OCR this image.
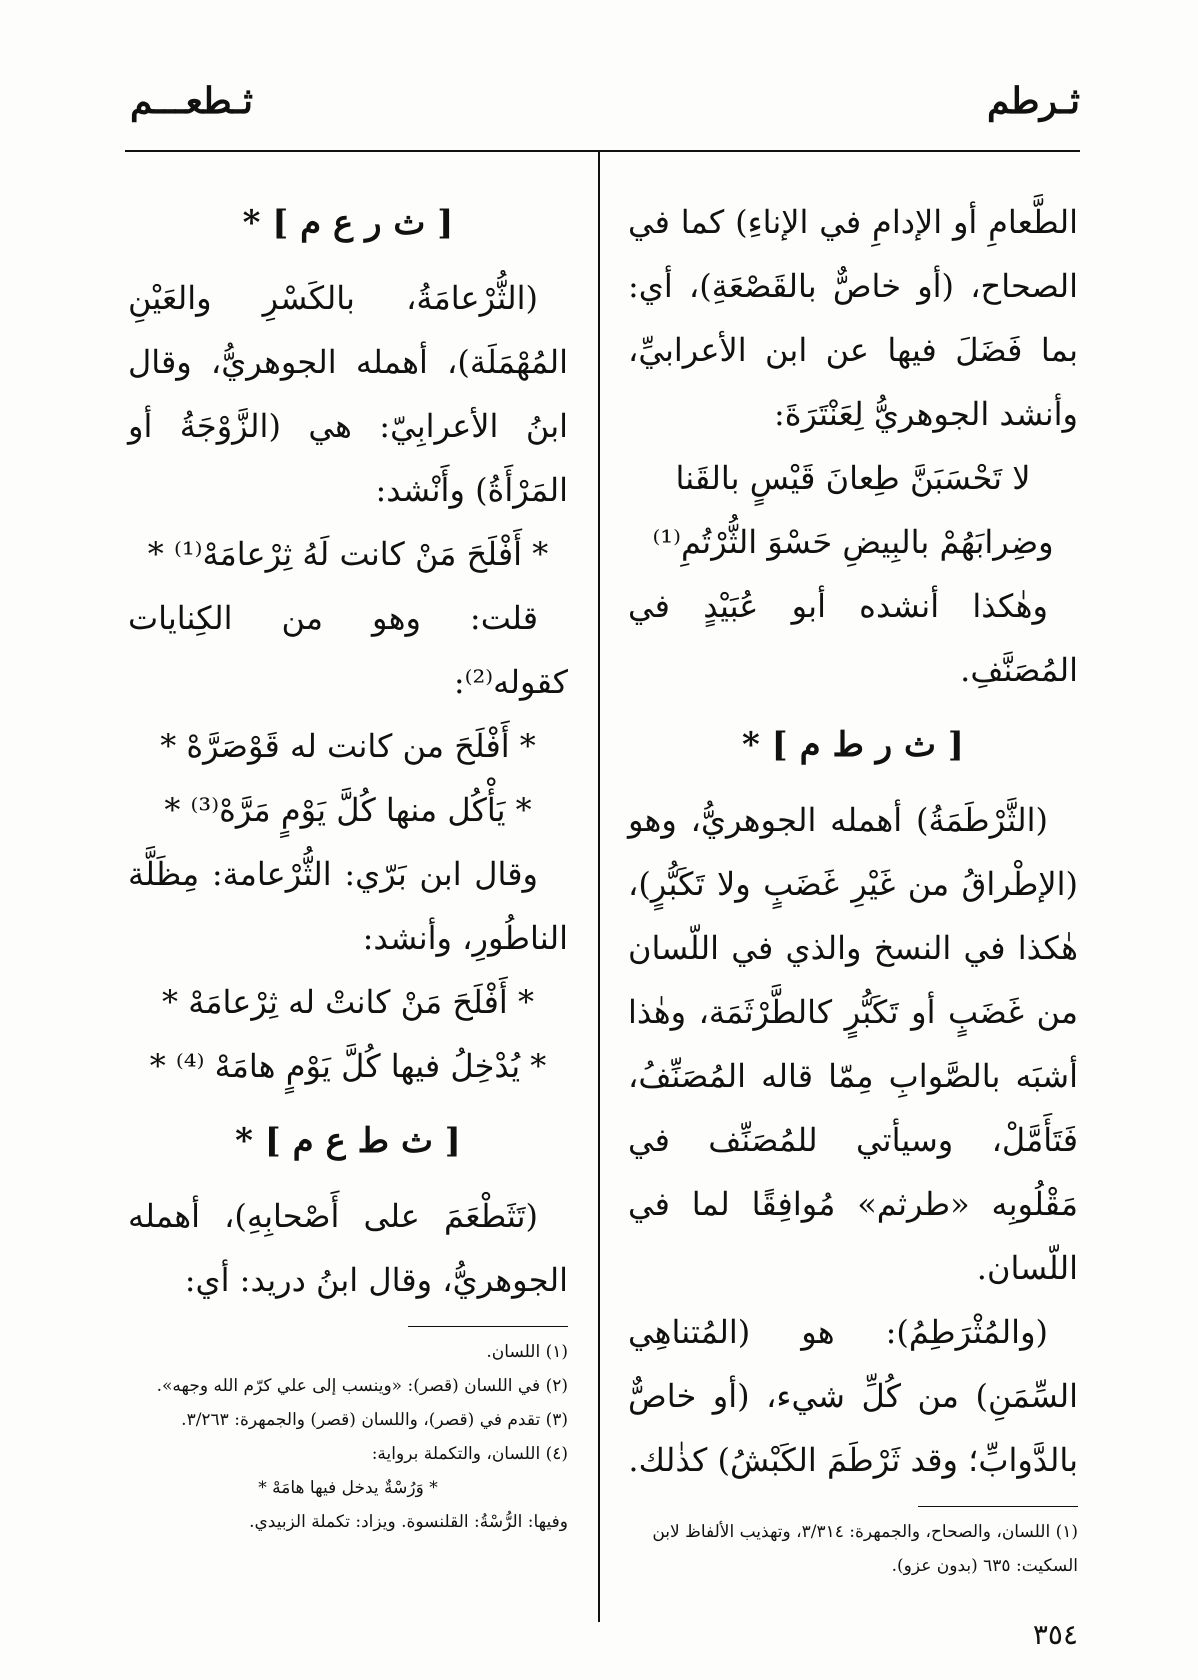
ثـرطم
ثـطعـــم

الطَّعامِ أو الإدامِ في الإناءِ) كما في الصحاح، (أو خاصٌّ بالقَصْعَةِ)، أي: بما فَضَلَ فيها عن ابن الأعرابيِّ، وأنشد الجوهريُّ لِعَنْتَرَةَ:

لا تَحْسَبَنَّ طِعانَ قَيْسٍ بالقَنا

وضِرابَهُمْ بالبِيضِ حَسْوَ الثُّرْتُمِ⁽¹⁾

وهٰكذا أنشده أبو عُبَيْدٍ في المُصَنَّفِ.

[ ث ر ط م ] *

(الثَّرْطَمَةُ) أهمله الجوهريُّ، وهو (الإطْراقُ من غَيْرِ غَضَبٍ ولا تَكَبُّرٍ)، هٰكذا في النسخ والذي في اللّسان من غَضَبٍ أو تَكَبُّرٍ كالطَّرْثَمَة، وهٰذا أشبَه بالصَّوابِ مِمّا قاله المُصَنِّفُ، فَتَأَمَّلْ، وسيأتي للمُصَنِّف في مَقْلُوبِه «طرثم» مُوافِقًا لما في اللّسان.

(والمُثْرَطِمُ): هو (المُتناهِي السِّمَنِ) من كُلِّ شيء، (أو خاصٌّ بالدَّوابِّ؛ وقد ثَرْطَمَ الكَبْشُ) كذٰلك.

(١) اللسان، والصحاح، والجمهرة: ٣/٣١٤، وتهذيب الألفاظ لابن السكيت: ٦٣٥ (بدون عزو).

[ ث ر ع م ] *

(الثُّرْعامَةُ، بالكَسْرِ والعَيْنِ المُهْمَلَة)، أهمله الجوهريُّ، وقال ابنُ الأعرابِيّ: هي (الزَّوْجَةُ أو المَرْأَةُ) وأَنْشد:

* أَفْلَحَ مَنْ كانت لَهُ ثِرْعامَهْ⁽¹⁾ *

قلت: وهو من الكِنايات كقوله⁽²⁾:

* أَفْلَحَ من كانت له قَوْصَرَّهْ *

* يَأْكُل منها كُلَّ يَوْمٍ مَرَّهْ⁽³⁾ *

وقال ابن بَرّي: الثُّرْعامة: مِظَلَّة الناطُورِ، وأنشد:

* أَفْلَحَ مَنْ كانتْ له ثِرْعامَهْ *

* يُدْخِلُ فيها كُلَّ يَوْمٍ هامَهْ ⁽⁴⁾ *

[ ث ط ع م ] *

(تَثَطْعَمَ على أَصْحابِهِ)، أهمله الجوهريُّ، وقال ابنُ دريد: أي:

(١) اللسان.

(٢) في اللسان (قصر): «وينسب إلى علي كرّم الله وجهه».

(٣) تقدم في (قصر)، واللسان (قصر) والجمهرة: ٣/٢٦٣.

(٤) اللسان، والتكملة برواية:

* وَرُسْةٌ يدخل فيها هامَهْ *

وفيها: الرُّسْةُ: القلنسوة. ويزاد: تكملة الزبيدي.

٣٥٤
